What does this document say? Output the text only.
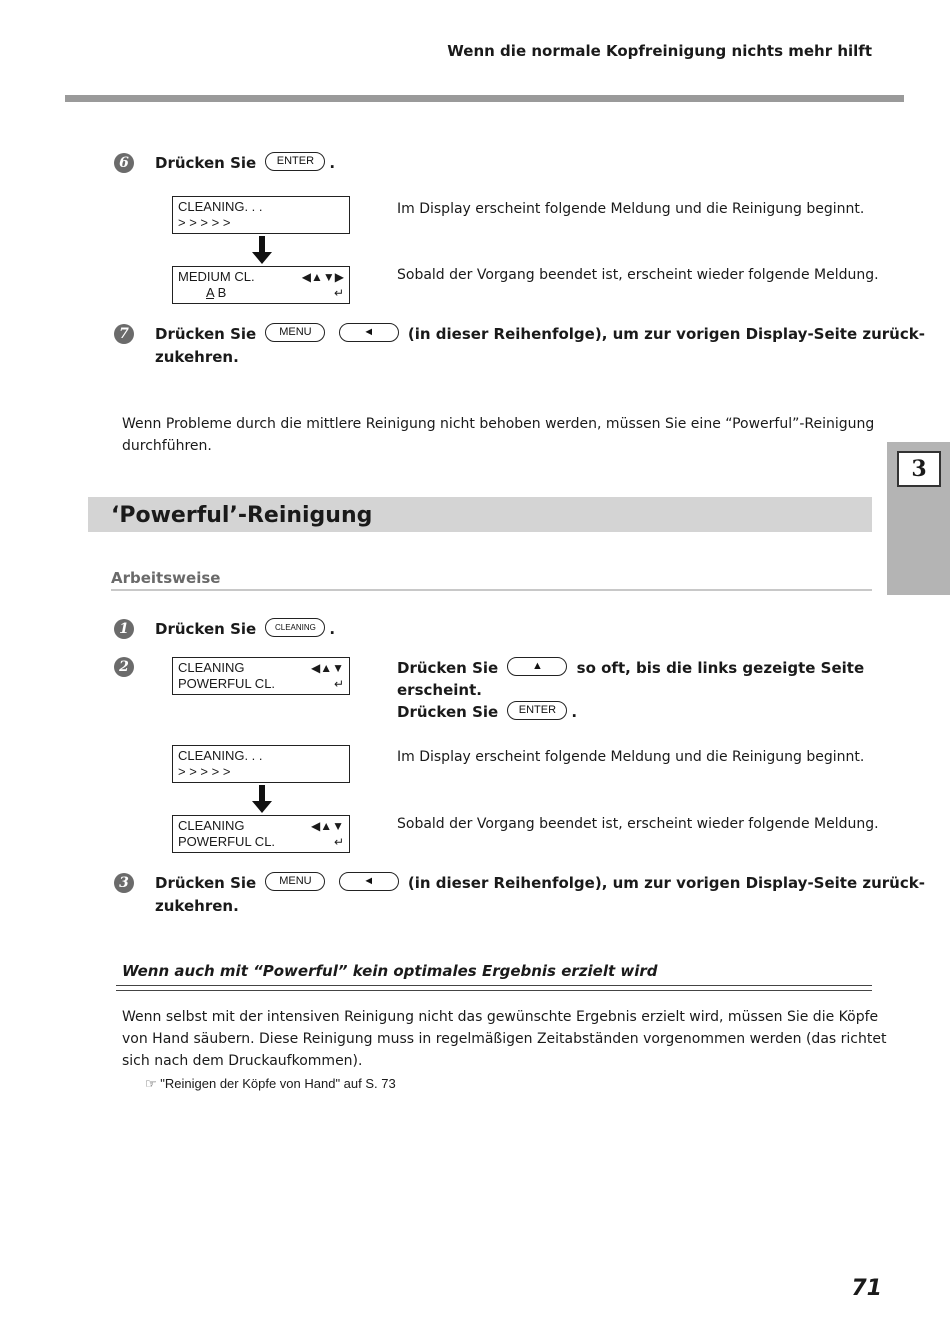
Wenn die normale Kopfreinigung nichts mehr hilft
3
6	Drücken Sie ENTER .
CLEANING. . .
> > > > >
Im Display erscheint folgende Meldung und die Reinigung beginnt.
MEDIUM CL.
A B
◀▲▼▶
↵
Sobald der Vorgang beendet ist, erscheint wieder folgende Meldung.
7	Drücken Sie MENU	◄ (in dieser Reihenfolge), um zur vorigen Display-Seite zurück-
zukehren.
Wenn Probleme durch die mittlere Reinigung nicht behoben werden, müssen Sie eine “Powerful”-Reinigung
durchführen.
‘Powerful’-Reinigung
Arbeitsweise
1	Drücken Sie CLEANING .
2	CLEANING
POWERFUL CL.
◀▲▼
↵
Drücken Sie	▲ so oft, bis die links gezeigte Seite
erscheint.
Drücken Sie ENTER .
CLEANING. . .
> > > > >
Im Display erscheint folgende Meldung und die Reinigung beginnt.
CLEANING
POWERFUL CL.
◀▲▼
↵
Sobald der Vorgang beendet ist, erscheint wieder folgende Meldung.
3	Drücken Sie MENU	◄ (in dieser Reihenfolge), um zur vorigen Display-Seite zurück-
zukehren.
Wenn auch mit “Powerful” kein optimales Ergebnis erzielt wird
Wenn selbst mit der intensiven Reinigung nicht das gewünschte Ergebnis erzielt wird, müssen Sie die Köpfe
von Hand säubern. Diese Reinigung muss in regelmäßigen Zeitabständen vorgenommen werden (das richtet
sich nach dem Druckaufkommen).
☞ "Reinigen der Köpfe von Hand" auf S. 73
71
